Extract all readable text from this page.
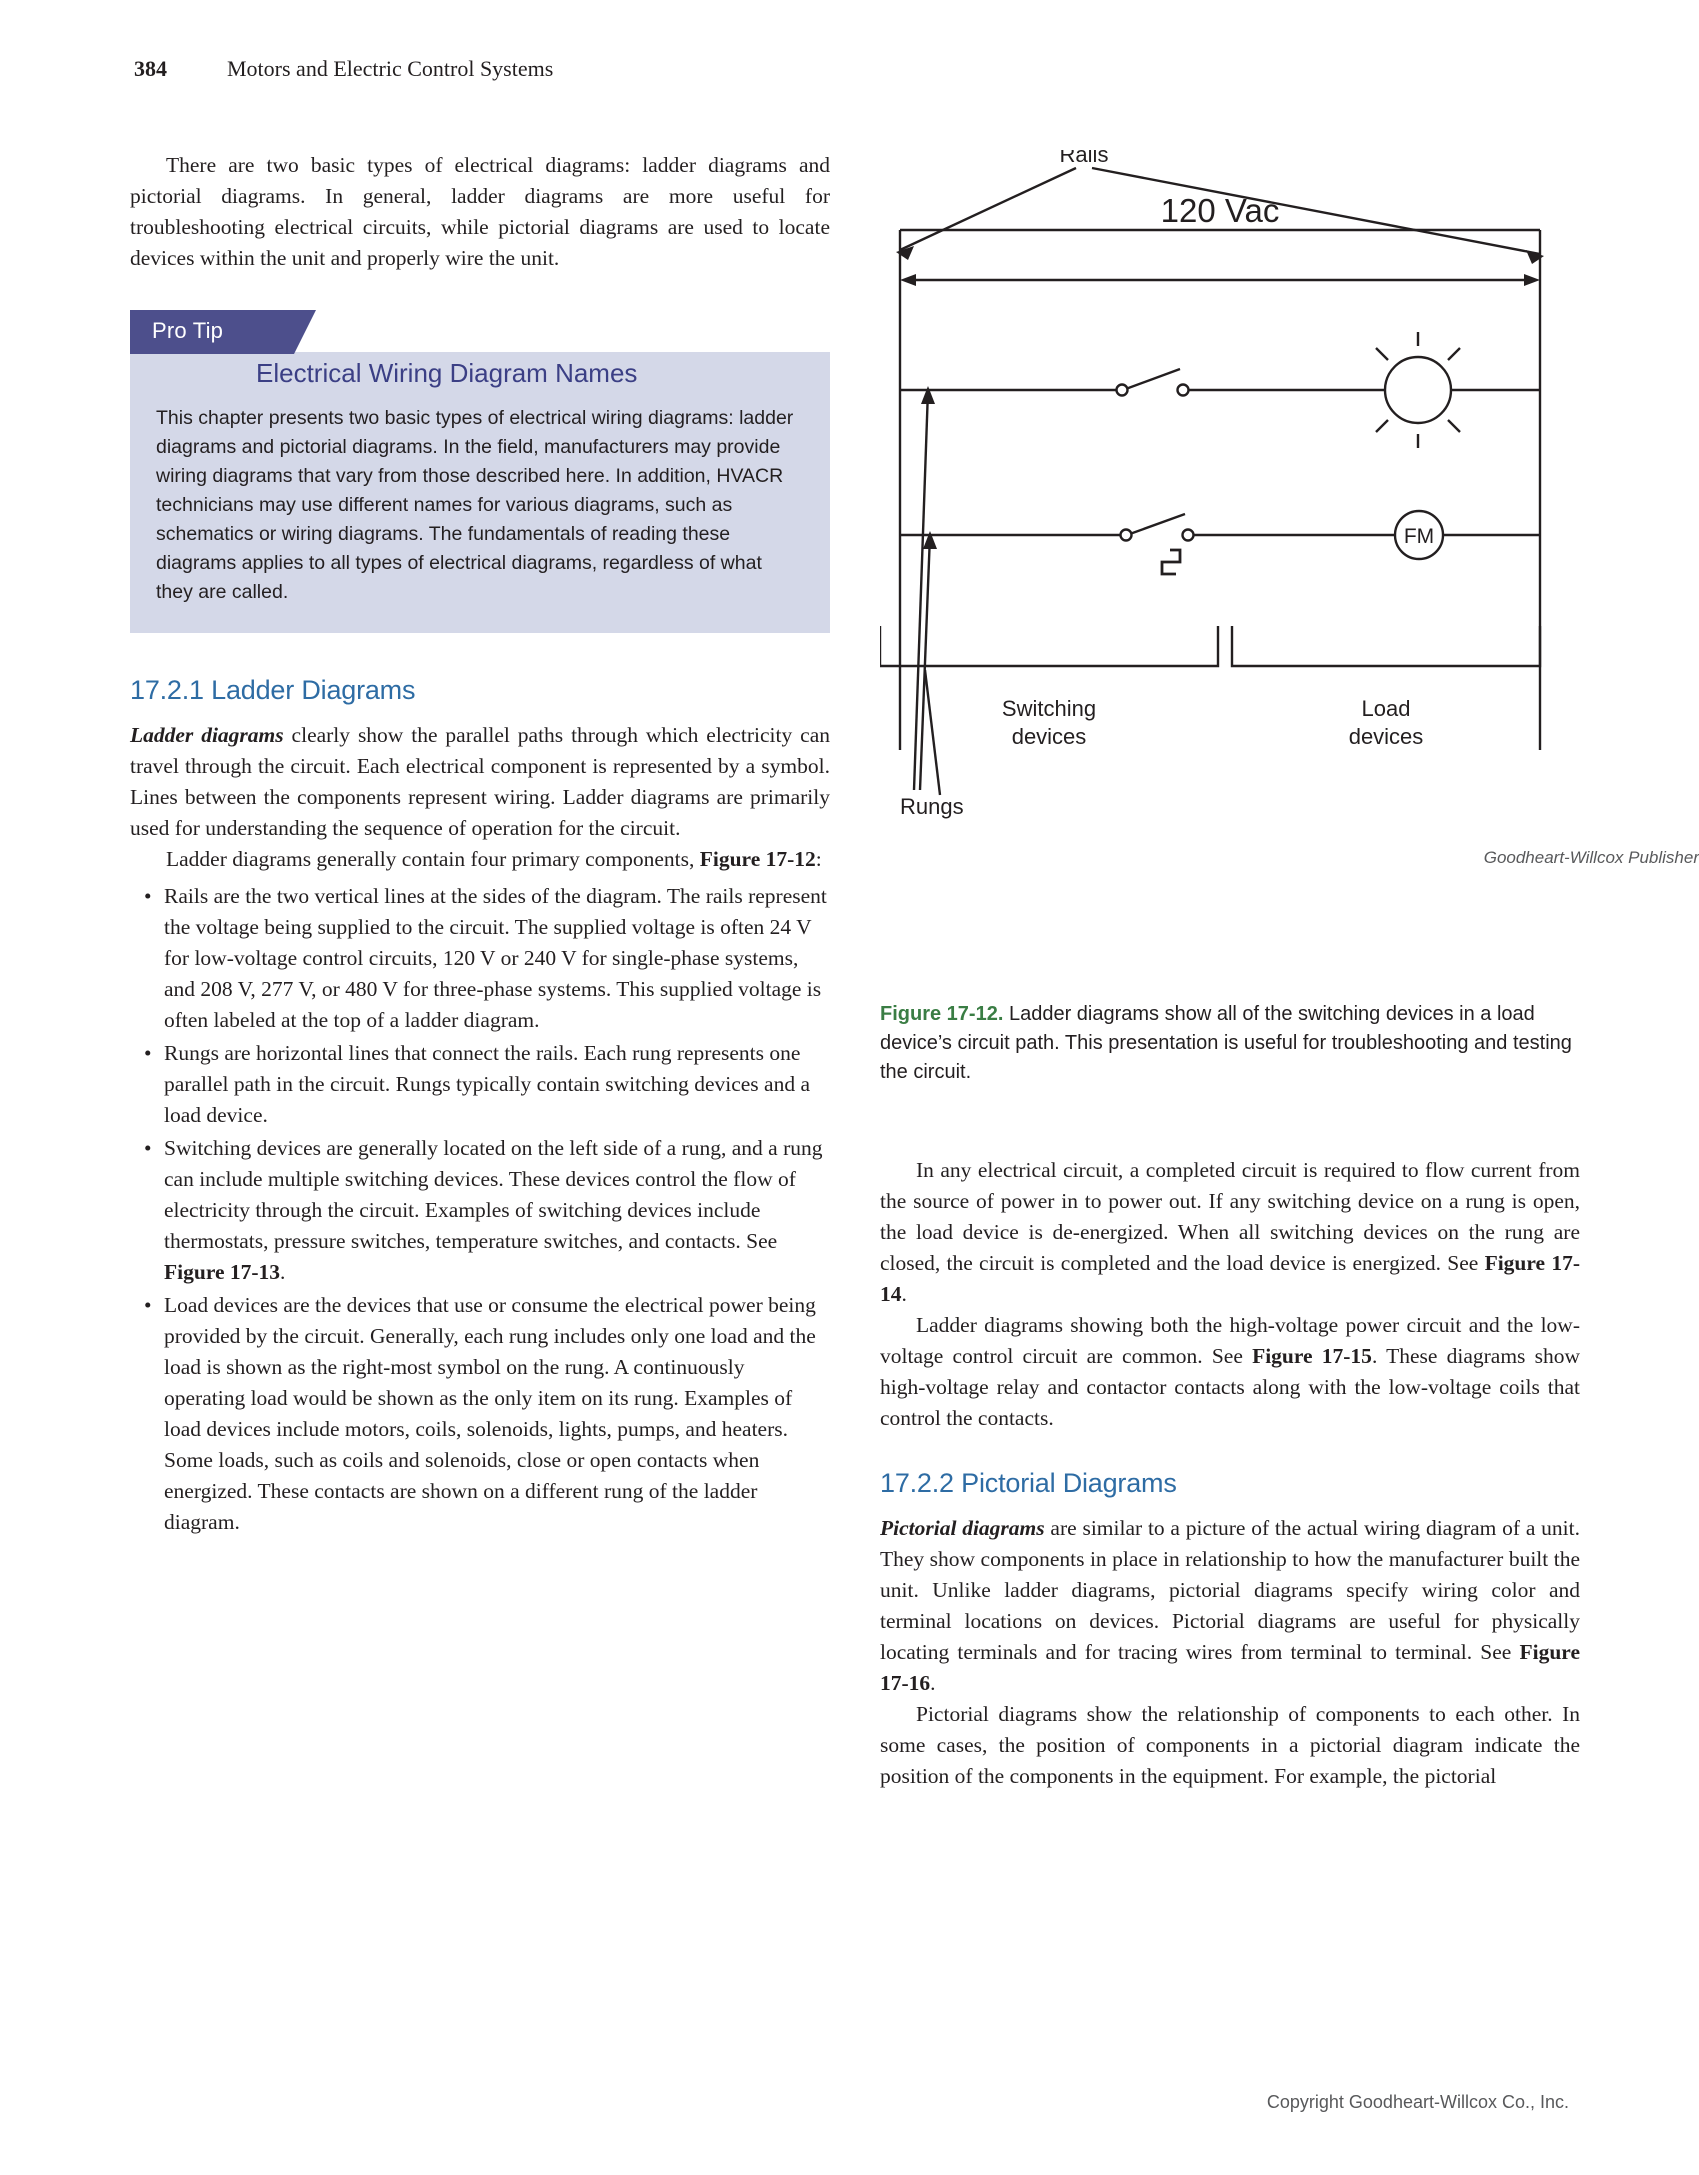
384	Motors and Electric Control Systems

There are two basic types of electrical diagrams: ladder diagrams and pictorial diagrams. In general, ladder diagrams are more useful for troubleshooting electrical circuits, while pictorial diagrams are used to locate devices within the unit and properly wire the unit.

Pro Tip
Electrical Wiring Diagram Names

This chapter presents two basic types of electrical wiring diagrams: ladder diagrams and pictorial diagrams. In the field, manufacturers may provide wiring diagrams that vary from those described here. In addition, HVACR technicians may use different names for various diagrams, such as schematics or wiring diagrams. The fundamentals of reading these diagrams applies to all types of electrical diagrams, regardless of what they are called.

17.2.1 Ladder Diagrams

Ladder diagrams clearly show the parallel paths through which electricity can travel through the circuit. Each electrical component is represented by a symbol. Lines between the components represent wiring. Ladder diagrams are primarily used for understanding the sequence of operation for the circuit.

Ladder diagrams generally contain four primary components, Figure 17-12:

• Rails are the two vertical lines at the sides of the diagram. The rails represent the voltage being supplied to the circuit. The supplied voltage is often 24 V for low-voltage control circuits, 120 V or 240 V for single-phase systems, and 208 V, 277 V, or 480 V for three-phase systems. This supplied voltage is often labeled at the top of a ladder diagram.
• Rungs are horizontal lines that connect the rails. Each rung represents one parallel path in the circuit. Rungs typically contain switching devices and a load device.
• Switching devices are generally located on the left side of a rung, and a rung can include multiple switching devices. These devices control the flow of electricity through the circuit. Examples of switching devices include thermostats, pressure switches, temperature switches, and contacts. See Figure 17-13.
• Load devices are the devices that use or consume the electrical power being provided by the circuit. Generally, each rung includes only one load and the load is shown as the right-most symbol on the rung. A continuously operating load would be shown as the only item on its rung. Examples of load devices include motors, coils, solenoids, lights, pumps, and heaters. Some loads, such as coils and solenoids, close or open contacts when energized. These contacts are shown on a different rung of the ladder diagram.
Rails
120 Vac
FM
Switching
devices
Load
devices
Rungs
Goodheart-Willcox Publisher
Figure 17-12. Ladder diagrams show all of the switching devices in a load device’s circuit path. This presentation is useful for troubleshooting and testing the circuit.

In any electrical circuit, a completed circuit is required to flow current from the source of power in to power out. If any switching device on a rung is open, the load device is de-energized. When all switching devices on the rung are closed, the circuit is completed and the load device is energized. See Figure 17-14.

Ladder diagrams showing both the high-voltage power circuit and the low-voltage control circuit are common. See Figure 17-15. These diagrams show high-voltage relay and contactor contacts along with the low-voltage coils that control the contacts.

17.2.2 Pictorial Diagrams

Pictorial diagrams are similar to a picture of the actual wiring diagram of a unit. They show components in place in relationship to how the manufacturer built the unit. Unlike ladder diagrams, pictorial diagrams specify wiring color and terminal locations on devices. Pictorial diagrams are useful for physically locating terminals and for tracing wires from terminal to terminal. See Figure 17-16.

Pictorial diagrams show the relationship of components to each other. In some cases, the position of components in a pictorial diagram indicate the position of the components in the equipment. For example, the pictorial

Copyright Goodheart-Willcox Co., Inc.
